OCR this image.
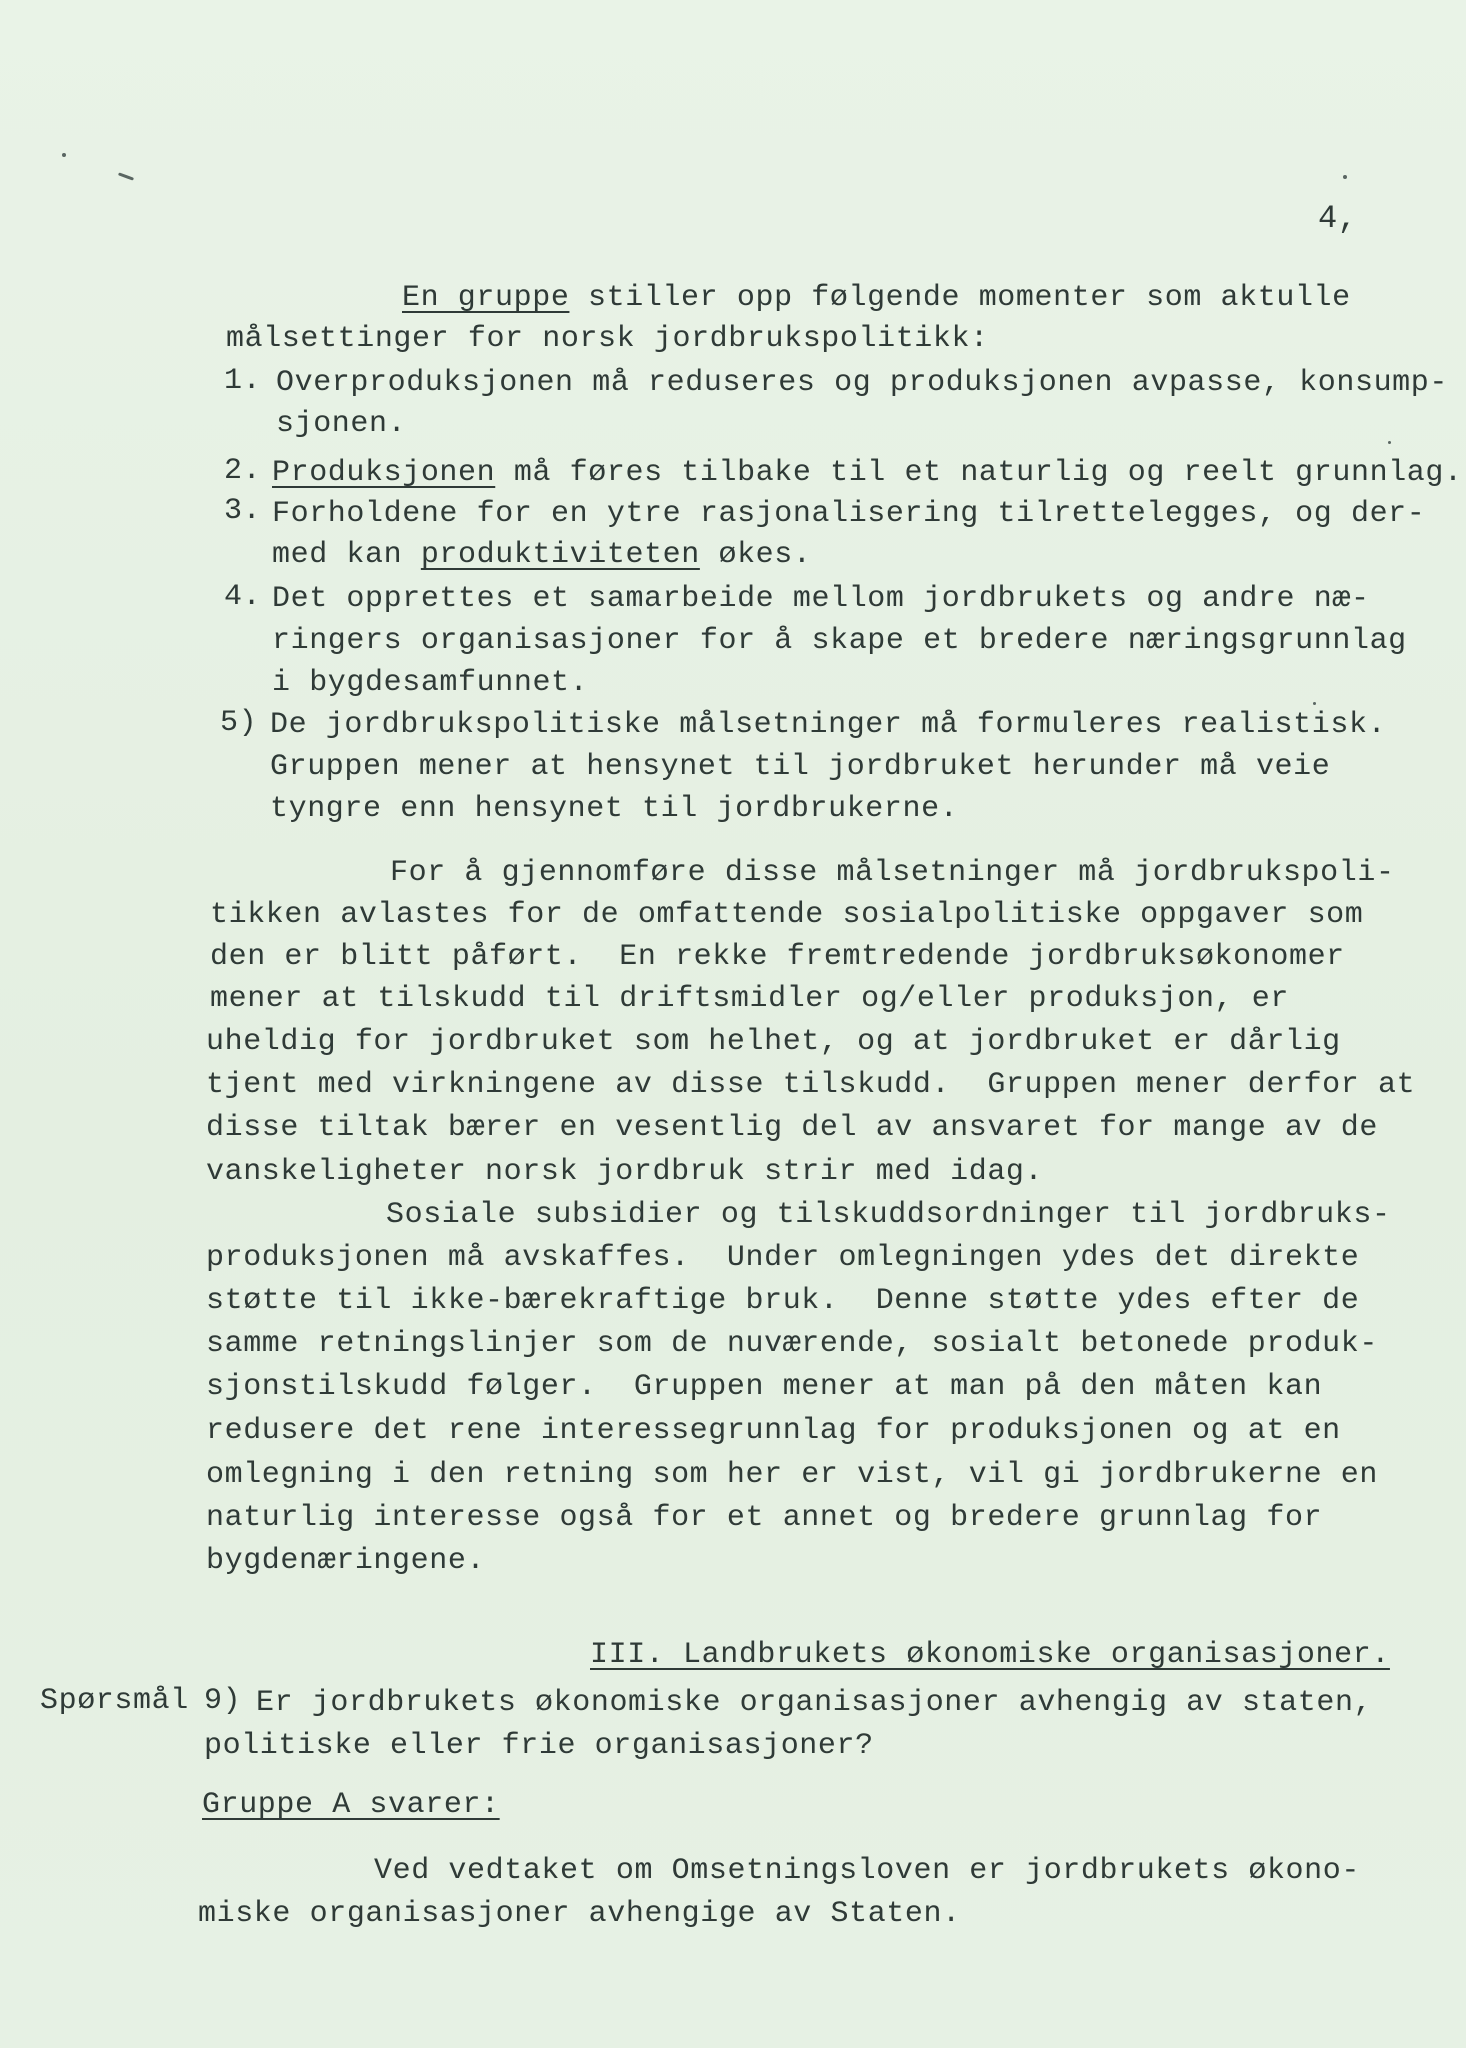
4,
En gruppe stiller opp følgende momenter som aktulle
målsettinger for norsk jordbrukspolitikk:
1. Overproduksjonen må reduseres og produksjonen avpasse, konsump-
sjonen.
2. Produksjonen må føres tilbake til et naturlig og reelt grunnlag.
3. Forholdene for en ytre rasjonalisering tilrettelegges, og der-
med kan produktiviteten økes.
4. Det opprettes et samarbeide mellom jordbrukets og andre næ-
ringers organisasjoner for å skape et bredere næringsgrunnlag
i bygdesamfunnet.
5) De jordbrukspolitiske målsetninger må formuleres realistisk.
Gruppen mener at hensynet til jordbruket herunder må veie
tyngre enn hensynet til jordbrukerne.
For å gjennomføre disse målsetninger må jordbrukspoli-
tikken avlastes for de omfattende sosialpolitiske oppgaver som
den er blitt påført.  En rekke fremtredende jordbruksøkonomer
mener at tilskudd til driftsmidler og/eller produksjon, er
uheldig for jordbruket som helhet, og at jordbruket er dårlig
tjent med virkningene av disse tilskudd.  Gruppen mener derfor at
disse tiltak bærer en vesentlig del av ansvaret for mange av de
vanskeligheter norsk jordbruk strir med idag.
Sosiale subsidier og tilskuddsordninger til jordbruks-
produksjonen må avskaffes.  Under omlegningen ydes det direkte
støtte til ikke-bærekraftige bruk.  Denne støtte ydes efter de
samme retningslinjer som de nuværende, sosialt betonede produk-
sjonstilskudd følger.  Gruppen mener at man på den måten kan
redusere det rene interessegrunnlag for produksjonen og at en
omlegning i den retning som her er vist, vil gi jordbrukerne en
naturlig interesse også for et annet og bredere grunnlag for
bygdenæringene.
III. Landbrukets økonomiske organisasjoner.
Spørsmål 9) Er jordbrukets økonomiske organisasjoner avhengig av staten,
politiske eller frie organisasjoner?
Gruppe A svarer:
Ved vedtaket om Omsetningsloven er jordbrukets økono-
miske organisasjoner avhengige av Staten.
